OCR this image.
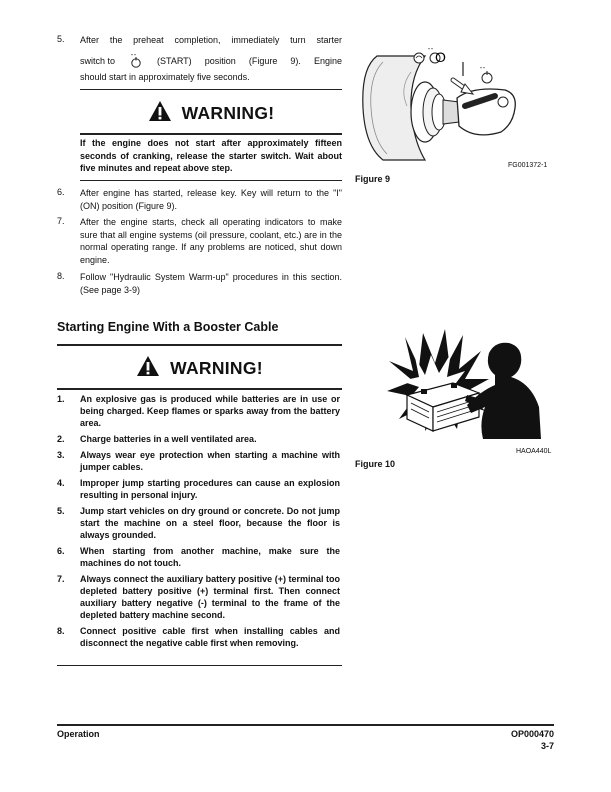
5. After the preheat completion, immediately turn starter
switch to	" " (START) position (Figure 9). Engine
should start in approximately five seconds.
WARNING!
If the engine does not start after approximately fifteen seconds of cranking, release the starter switch. Wait about five minutes and repeat above step.
6. After engine has started, release key. Key will return to the "I" (ON) position (Figure 9).
7. After the engine starts, check all operating indicators to make sure that all engine systems (oil pressure, coolant, etc.) are in the normal operating range. If any problems are noticed, shut down engine.
8. Follow "Hydraulic System Warm-up" procedures in this section. (See page 3-9)
Starting Engine With a Booster Cable
WARNING!
1.	An explosive gas is produced while batteries are in use or being charged. Keep flames or sparks away from the battery area.
2.	Charge batteries in a well ventilated area.
3.	Always wear eye protection when starting a machine with jumper cables.
4.	Improper jump starting procedures can cause an explosion resulting in personal injury.
5.	Jump start vehicles on dry ground or concrete. Do not jump start the machine on a steel floor, because the floor is always grounded.
6.	When starting from another machine, make sure the machines do not touch.
7.	Always connect the auxiliary battery positive (+) terminal too depleted battery positive (+) terminal first. Then connect auxiliary battery negative (-) terminal to the frame of the depleted battery machine second.
8.	Connect positive cable first when installing cables and disconnect the negative cable first when removing.
DOOSAN
" " O
" "
FG001372-1
Figure 9
HAOA440L
Figure 10
Operation	OP000470
3-7
